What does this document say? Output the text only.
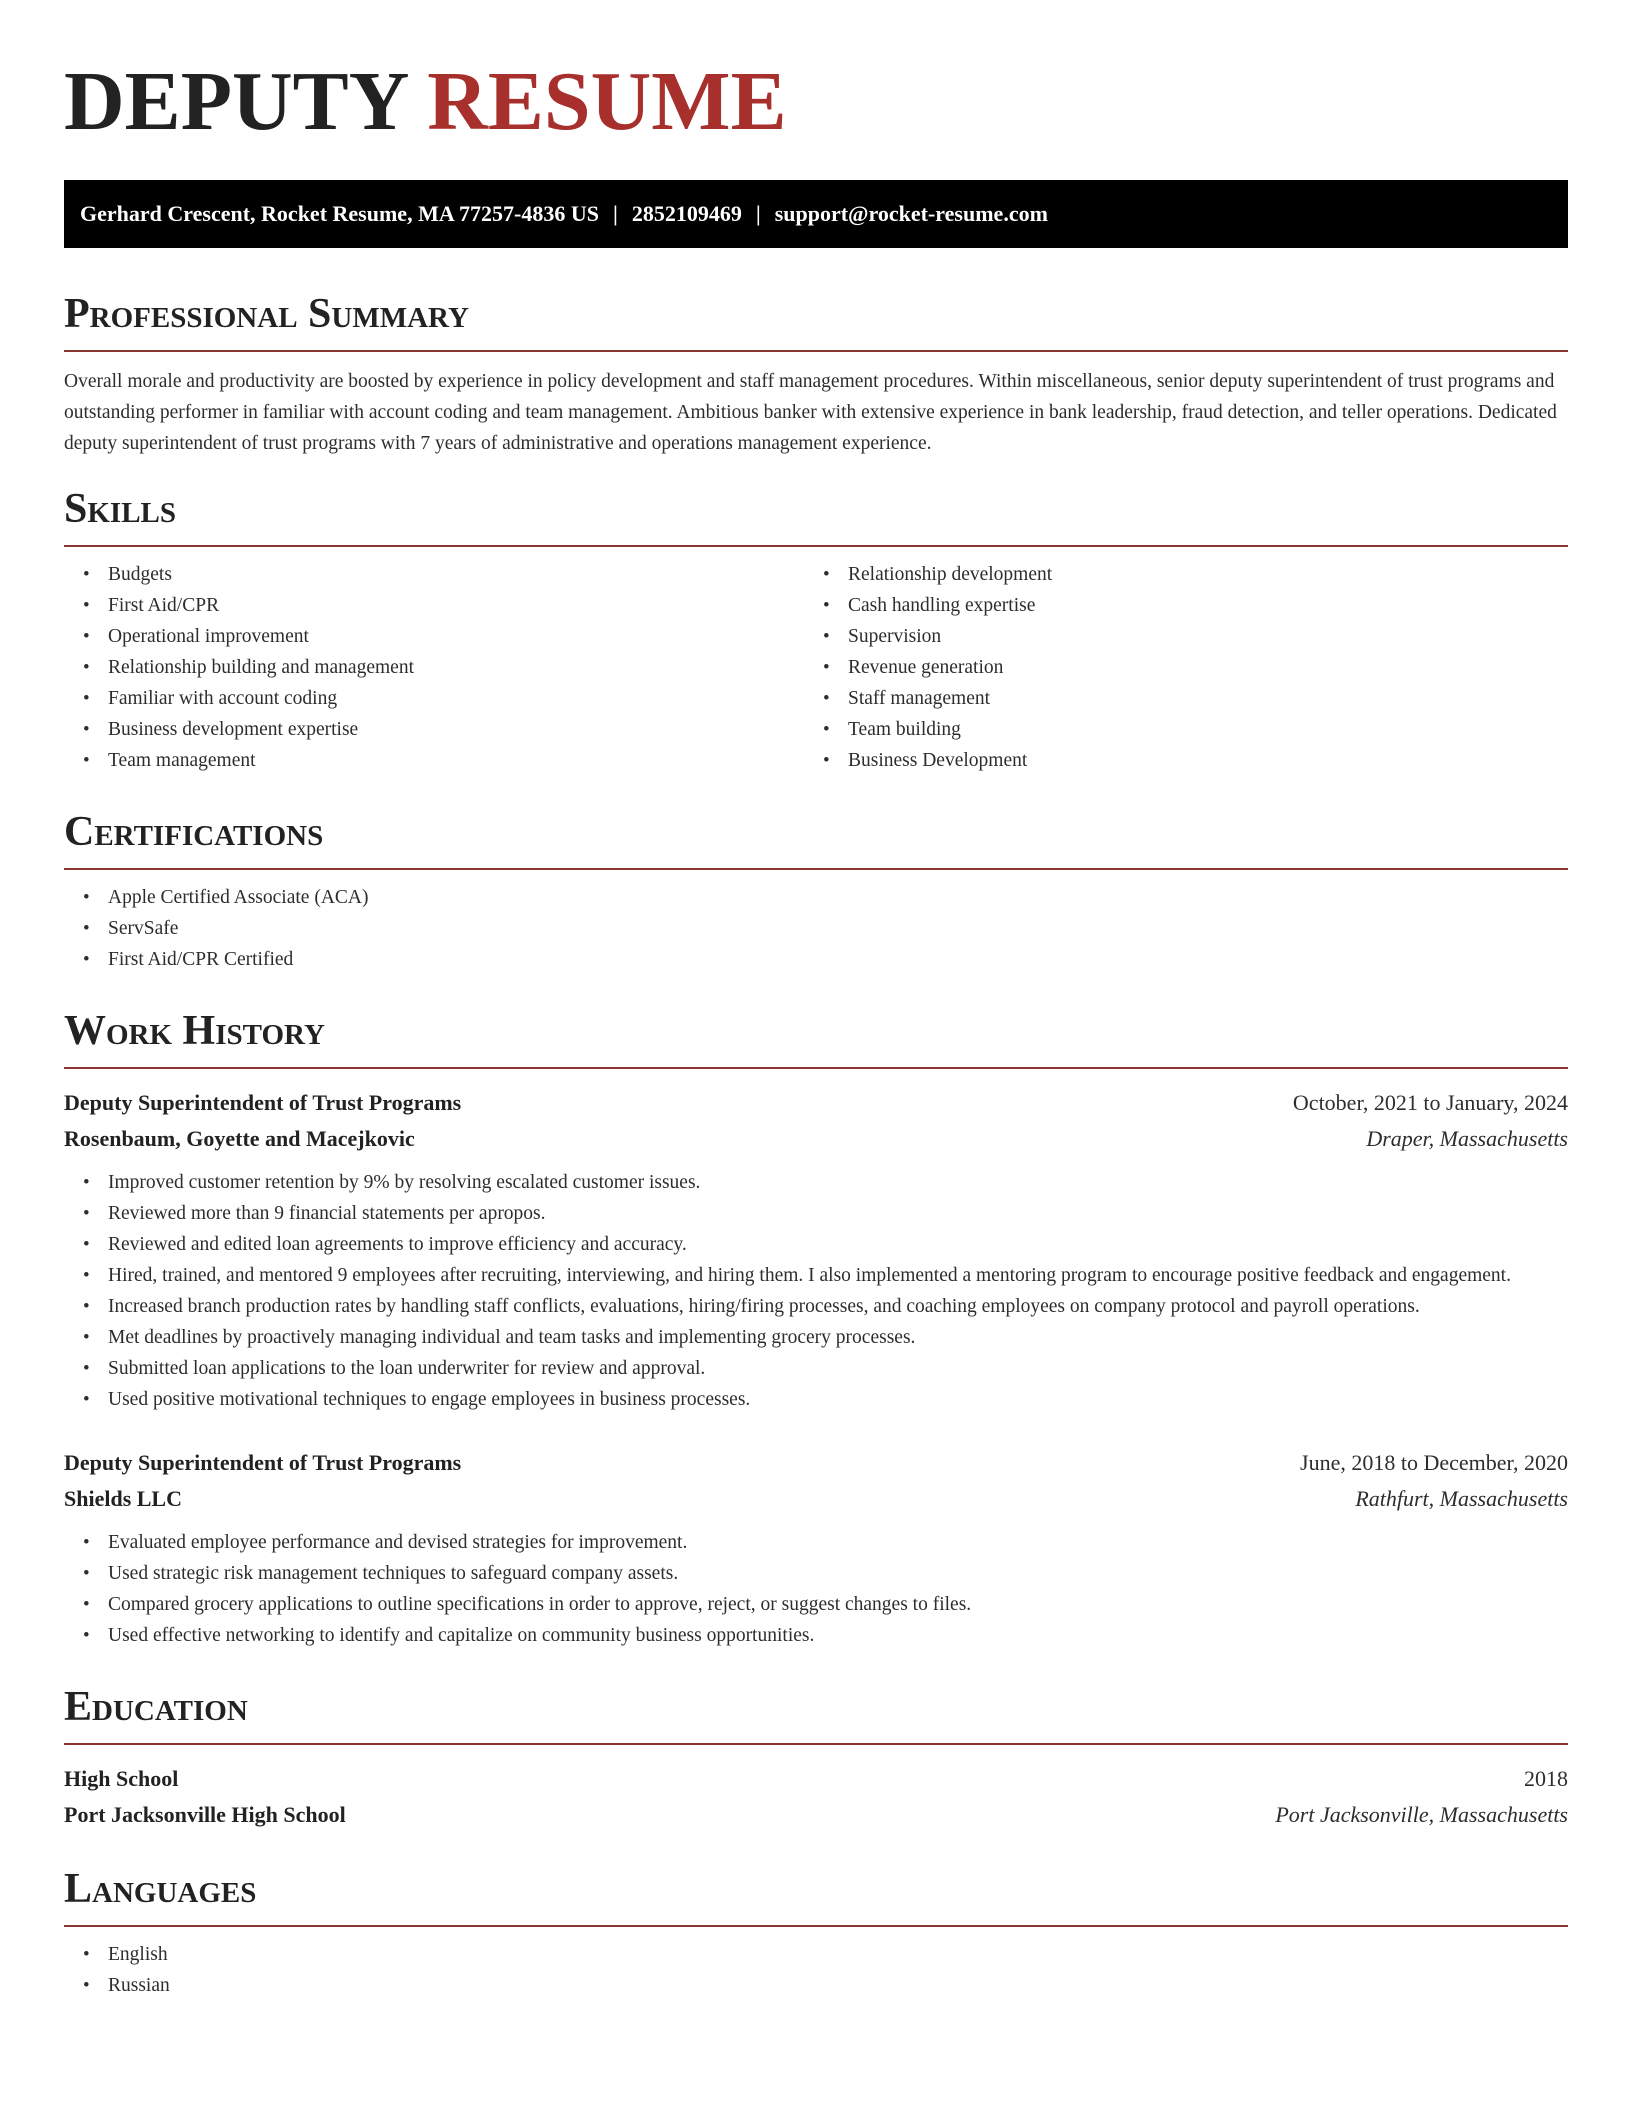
DEPUTY RESUME
Gerhard Crescent, Rocket Resume, MA 77257-4836 US | 2852109469 | support@rocket-resume.com
Professional Summary

Overall morale and productivity are boosted by experience in policy development and staff management procedures. Within miscellaneous, senior deputy superintendent of trust programs and outstanding performer in familiar with account coding and team management. Ambitious banker with extensive experience in bank leadership, fraud detection, and teller operations. Dedicated deputy superintendent of trust programs with 7 years of administrative and operations management experience.

Skills
• Budgets
• First Aid/CPR
• Operational improvement
• Relationship building and management
• Familiar with account coding
• Business development expertise
• Team management
• Relationship development
• Cash handling expertise
• Supervision
• Revenue generation
• Staff management
• Team building
• Business Development
Certifications
• Apple Certified Associate (ACA)
• ServSafe
• First Aid/CPR Certified
Work History
Deputy Superintendent of Trust Programs	October, 2021 to January, 2024
Rosenbaum, Goyette and Macejkovic	Draper, Massachusetts
• Improved customer retention by 9% by resolving escalated customer issues.
• Reviewed more than 9 financial statements per apropos.
• Reviewed and edited loan agreements to improve efficiency and accuracy.
• Hired, trained, and mentored 9 employees after recruiting, interviewing, and hiring them. I also implemented a mentoring program to encourage positive feedback and engagement.
• Increased branch production rates by handling staff conflicts, evaluations, hiring/firing processes, and coaching employees on company protocol and payroll operations.
• Met deadlines by proactively managing individual and team tasks and implementing grocery processes.
• Submitted loan applications to the loan underwriter for review and approval.
• Used positive motivational techniques to engage employees in business processes.
Deputy Superintendent of Trust Programs	June, 2018 to December, 2020
Shields LLC	Rathfurt, Massachusetts
• Evaluated employee performance and devised strategies for improvement.
• Used strategic risk management techniques to safeguard company assets.
• Compared grocery applications to outline specifications in order to approve, reject, or suggest changes to files.
• Used effective networking to identify and capitalize on community business opportunities.
Education
High School	2018
Port Jacksonville High School	Port Jacksonville, Massachusetts
Languages
• English
• Russian
